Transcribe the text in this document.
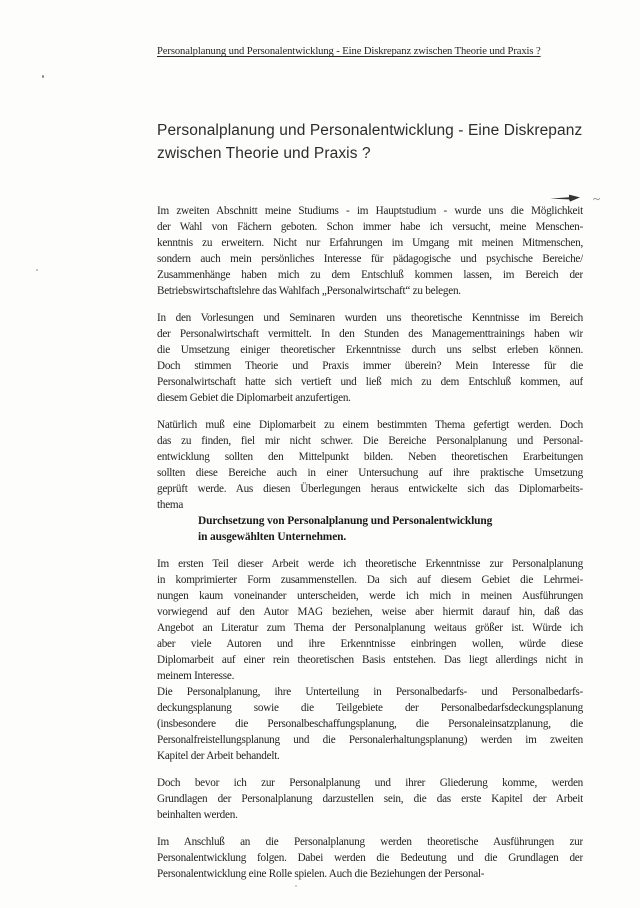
Personalplanung und Personalentwicklung - Eine Diskrepanz zwischen Theorie und Praxis ?
Personalplanung und Personalentwicklung - Eine Diskrepanz
zwischen Theorie und Praxis ?
~
Im zweiten Abschnitt meine Studiums - im Hauptstudium - wurde uns die Möglichkeit
der Wahl von Fächern geboten. Schon immer habe ich versucht, meine Menschen-
kenntnis zu erweitern. Nicht nur Erfahrungen im Umgang mit meinen Mitmenschen,
sondern auch mein persönliches Interesse für pädagogische und psychische Bereiche/
Zusammenhänge haben mich zu dem Entschluß kommen lassen, im Bereich der
Betriebswirtschaftslehre das Wahlfach „Personalwirtschaft“ zu belegen.
In den Vorlesungen und Seminaren wurden uns theoretische Kenntnisse im Bereich
der Personalwirtschaft vermittelt. In den Stunden des Managementtrainings haben wir
die Umsetzung einiger theoretischer Erkenntnisse durch uns selbst erleben können.
Doch stimmen Theorie und Praxis immer überein? Mein Interesse für die
Personalwirtschaft hatte sich vertieft und ließ mich zu dem Entschluß kommen, auf
diesem Gebiet die Diplomarbeit anzufertigen.
Natürlich muß eine Diplomarbeit zu einem bestimmten Thema gefertigt werden. Doch
das zu finden, fiel mir nicht schwer. Die Bereiche Personalplanung und Personal-
entwicklung sollten den Mittelpunkt bilden. Neben theoretischen Erarbeitungen
sollten diese Bereiche auch in einer Untersuchung auf ihre praktische Umsetzung
geprüft werde. Aus diesen Überlegungen heraus entwickelte sich das Diplomarbeits-
thema
Durchsetzung von Personalplanung und Personalentwicklung
in ausgewählten Unternehmen.
Im ersten Teil dieser Arbeit werde ich theoretische Erkenntnisse zur Personalplanung
in komprimierter Form zusammenstellen. Da sich auf diesem Gebiet die Lehrmei-
nungen kaum voneinander unterscheiden, werde ich mich in meinen Ausführungen
vorwiegend auf den Autor MAG beziehen, weise aber hiermit darauf hin, daß das
Angebot an Literatur zum Thema der Personalplanung weitaus größer ist. Würde ich
aber viele Autoren und ihre Erkenntnisse einbringen wollen, würde diese
Diplomarbeit auf einer rein theoretischen Basis entstehen. Das liegt allerdings nicht in
meinem Interesse.
Die Personalplanung, ihre Unterteilung in Personalbedarfs- und Personalbedarfs-
deckungsplanung sowie die Teilgebiete der Personalbedarfsdeckungsplanung
(insbesondere die Personalbeschaffungsplanung, die Personaleinsatzplanung, die
Personalfreistellungsplanung und die Personalerhaltungsplanung) werden im zweiten
Kapitel der Arbeit behandelt.
Doch bevor ich zur Personalplanung und ihrer Gliederung komme, werden
Grundlagen der Personalplanung darzustellen sein, die das erste Kapitel der Arbeit
beinhalten werden.
Im Anschluß an die Personalplanung werden theoretische Ausführungen zur
Personalentwicklung folgen. Dabei werden die Bedeutung und die Grundlagen der
Personalentwicklung eine Rolle spielen. Auch die Beziehungen der Personal-
